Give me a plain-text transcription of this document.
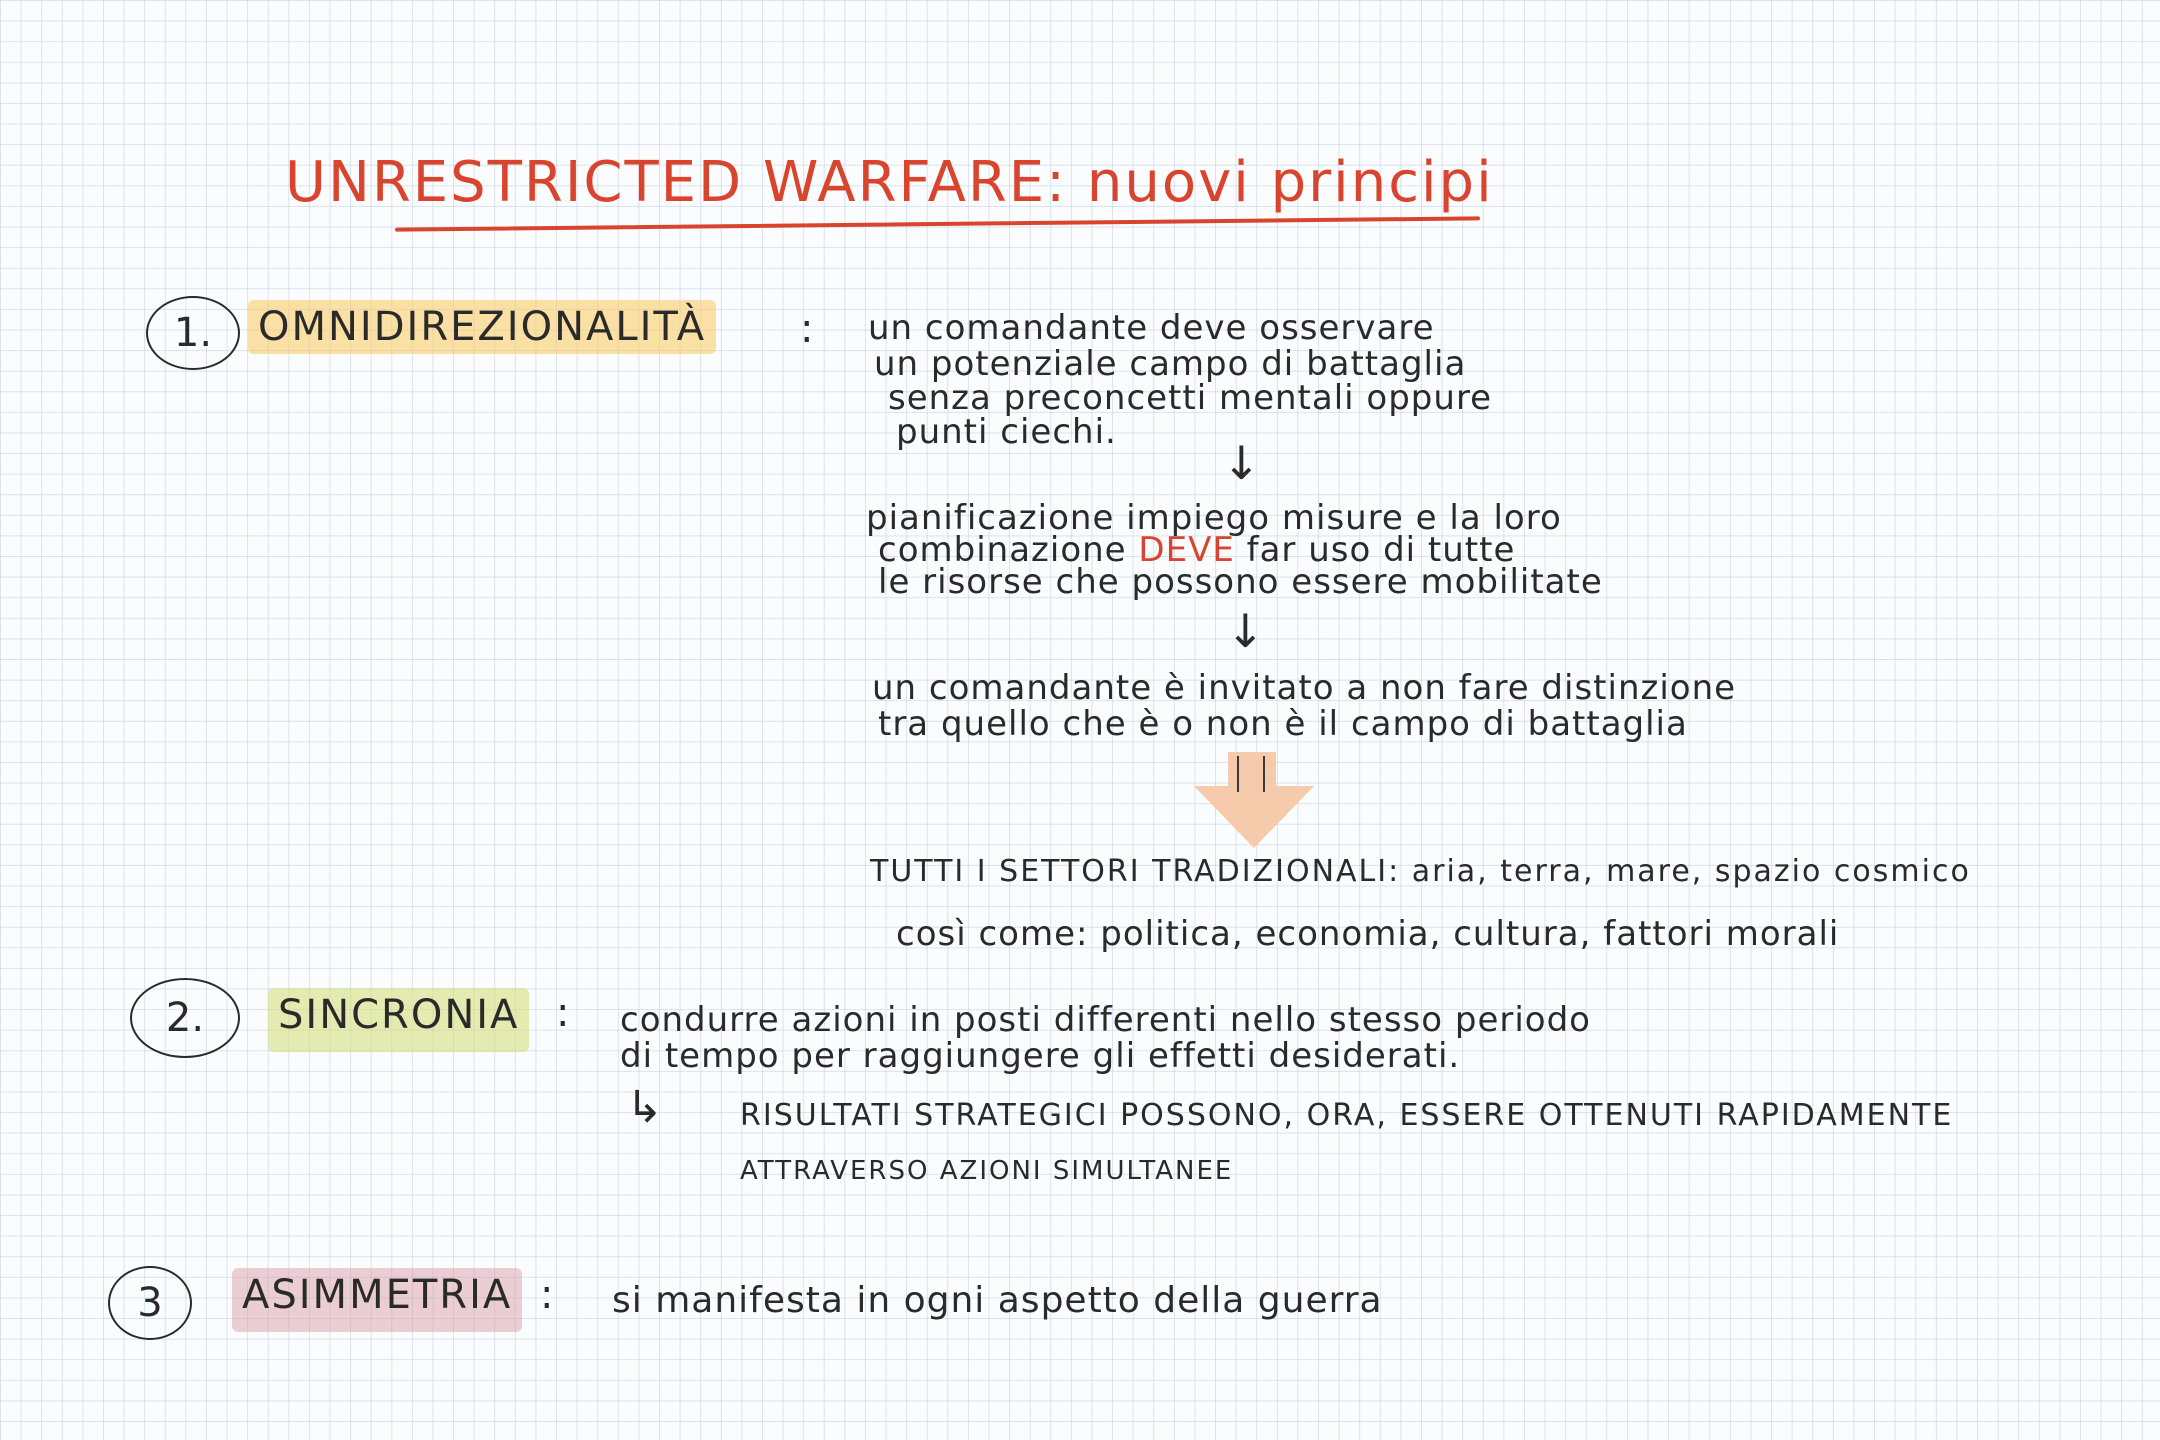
UNRESTRICTED WARFARE: nuovi principi
1. OMNIDIREZIONALITÀ : un comandante deve osservare
un potenziale campo di battaglia
senza preconcetti mentali oppure
punti ciechi.
↓
pianificazione impiego misure e la loro
combinazione DEVE far uso di tutte
le risorse che possono essere mobilitate
↓
un comandante è invitato a non fare distinzione
tra quello che è o non è il campo di battaglia
TUTTI I SETTORI TRADIZIONALI: aria, terra, mare, spazio cosmico
così come: politica, economia, cultura, fattori morali
2. SINCRONIA : condurre azioni in posti differenti nello stesso periodo
di tempo per raggiungere gli effetti desiderati.
↳	RISULTATI STRATEGICI POSSONO, ORA, ESSERE OTTENUTI RAPIDAMENTE
ATTRAVERSO AZIONI SIMULTANEE
3 ASIMMETRIA : si manifesta in ogni aspetto della guerra
